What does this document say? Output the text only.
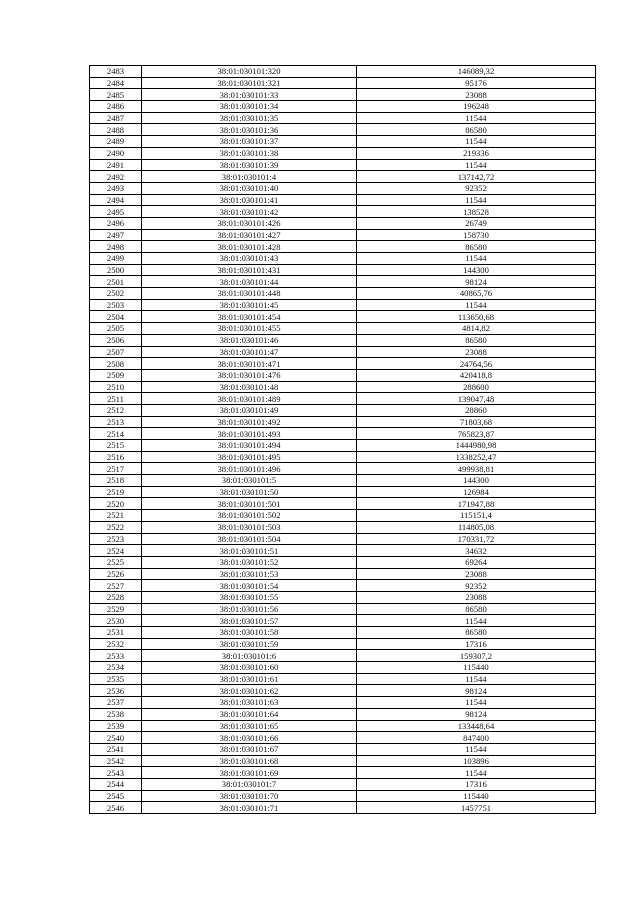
2483	38:01:030101:320	146089,32
2484	38:01:030101:321	95176
2485	38:01:030101:33	23088
2486	38:01:030101:34	196248
2487	38:01:030101:35	11544
2488	38:01:030101:36	86580
2489	38:01:030101:37	11544
2490	38:01:030101:38	219336
2491	38:01:030101:39	11544
2492	38:01:030101:4	137142,72
2493	38:01:030101:40	92352
2494	38:01:030101:41	11544
2495	38:01:030101:42	138528
2496	38:01:030101:426	26749
2497	38:01:030101:427	158730
2498	38:01:030101:428	86580
2499	38:01:030101:43	11544
2500	38:01:030101:431	144300
2501	38:01:030101:44	98124
2502	38:01:030101:448	40865,76
2503	38:01:030101:45	11544
2504	38:01:030101:454	113650,68
2505	38:01:030101:455	4814,82
2506	38:01:030101:46	86580
2507	38:01:030101:47	23088
2508	38:01:030101:471	24764,56
2509	38:01:030101:476	420418,8
2510	38:01:030101:48	288600
2511	38:01:030101:489	139047,48
2512	38:01:030101:49	28860
2513	38:01:030101:492	71803,68
2514	38:01:030101:493	765823,87
2515	38:01:030101:494	1444980,98
2516	38:01:030101:495	1338252,47
2517	38:01:030101:496	499938,81
2518	38:01:030101:5	144300
2519	38:01:030101:50	126984
2520	38:01:030101:501	171947,88
2521	38:01:030101:502	115151,4
2522	38:01:030101:503	114805,08
2523	38:01:030101:504	170331,72
2524	38:01:030101:51	34632
2525	38:01:030101:52	69264
2526	38:01:030101:53	23088
2527	38:01:030101:54	92352
2528	38:01:030101:55	23088
2529	38:01:030101:56	86580
2530	38:01:030101:57	11544
2531	38:01:030101:58	86580
2532	38:01:030101:59	17316
2533	38:01:030101:6	159307,2
2534	38:01:030101:60	115440
2535	38:01:030101:61	11544
2536	38:01:030101:62	98124
2537	38:01:030101:63	11544
2538	38:01:030101:64	98124
2539	38:01:030101:65	133448,64
2540	38:01:030101:66	847400
2541	38:01:030101:67	11544
2542	38:01:030101:68	103896
2543	38:01:030101:69	11544
2544	38:01:030101:7	17316
2545	38:01:030101:70	115440
2546	38:01:030101:71	1457751
